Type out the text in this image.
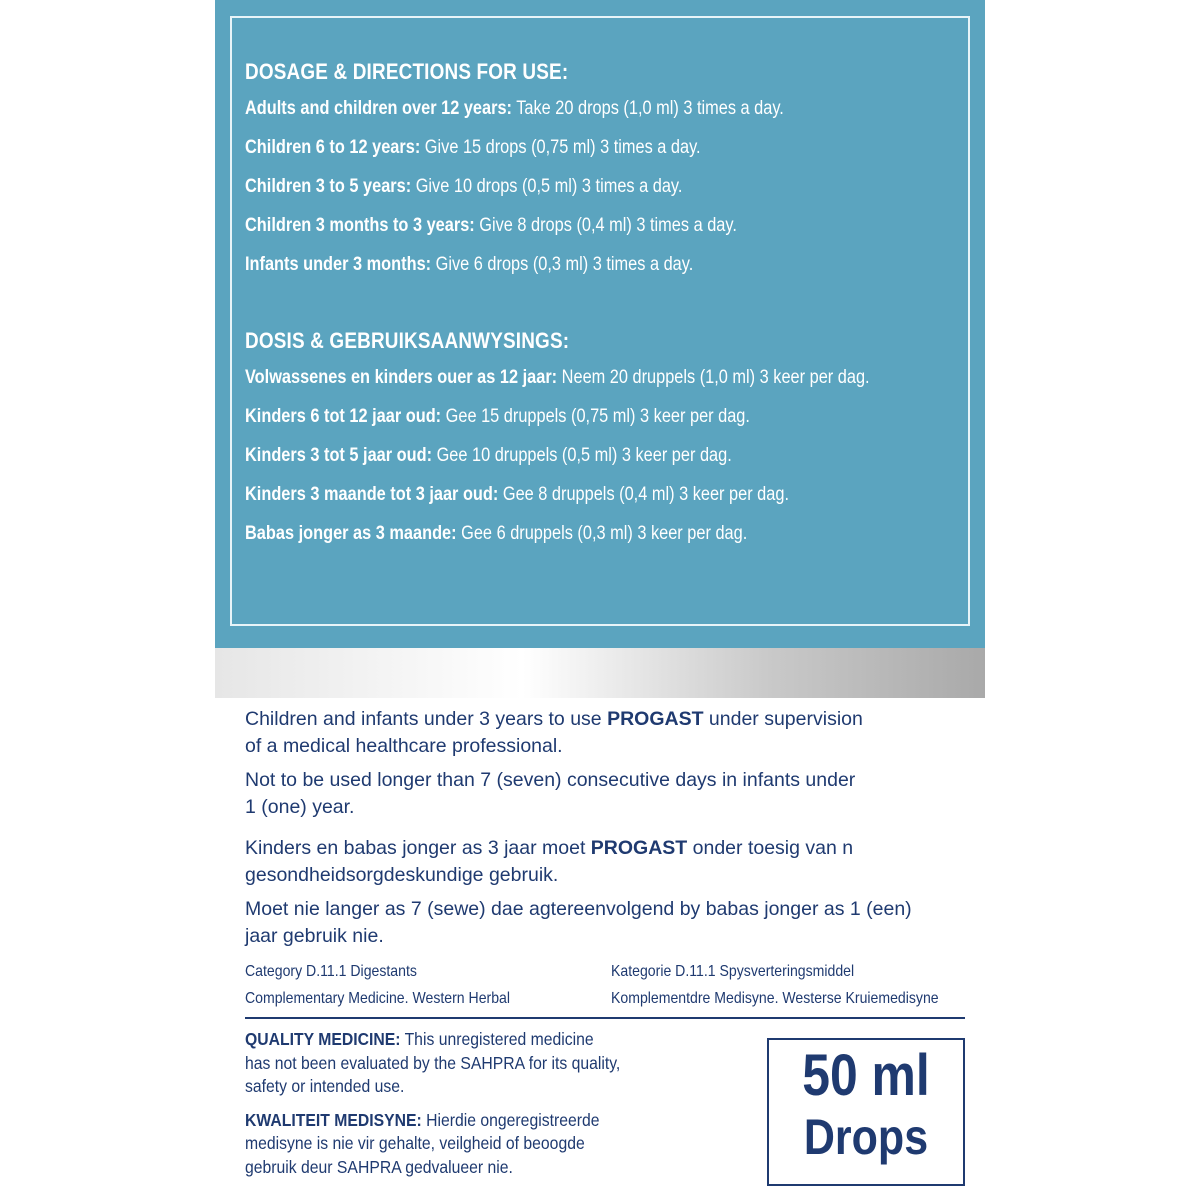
DOSAGE & DIRECTIONS FOR USE:
Adults and children over 12 years: Take 20 drops (1,0 ml) 3 times a day.
Children 6 to 12 years: Give 15 drops (0,75 ml) 3 times a day.
Children 3 to 5 years: Give 10 drops (0,5 ml) 3 times a day.
Children 3 months to 3 years: Give 8 drops (0,4 ml) 3 times a day.
Infants under 3 months: Give 6 drops (0,3 ml) 3 times a day.
DOSIS & GEBRUIKSAANWYSINGS:
Volwassenes en kinders ouer as 12 jaar: Neem 20 druppels (1,0 ml) 3 keer per dag.
Kinders 6 tot 12 jaar oud: Gee 15 druppels (0,75 ml) 3 keer per dag.
Kinders 3 tot 5 jaar oud: Gee 10 druppels (0,5 ml) 3 keer per dag.
Kinders 3 maande tot 3 jaar oud: Gee 8 druppels (0,4 ml) 3 keer per dag.
Babas jonger as 3 maande: Gee 6 druppels (0,3 ml) 3 keer per dag.

Children and infants under 3 years to use PROGAST under supervision
of a medical healthcare professional.

Not to be used longer than 7 (seven) consecutive days in infants under
1 (one) year.

Kinders en babas jonger as 3 jaar moet PROGAST onder toesig van n
gesondheidsorgdeskundige gebruik.

Moet nie langer as 7 (sewe) dae agtereenvolgend by babas jonger as 1 (een)
jaar gebruik nie.

Category D.11.1 Digestants
Complementary Medicine. Western Herbal
Kategorie D.11.1 Spysverteringsmiddel
Komplementdre Medisyne. Westerse Kruiemedisyne

QUALITY MEDICINE: This unregistered medicine

has not been evaluated by the SAHPRA for its quality,

safety or intended use.

KWALITEIT MEDISYNE: Hierdie ongeregistreerde

medisyne is nie vir gehalte, veilgheid of beoogde

gebruik deur SAHPRA gedvalueer nie.

50 ml
Drops
